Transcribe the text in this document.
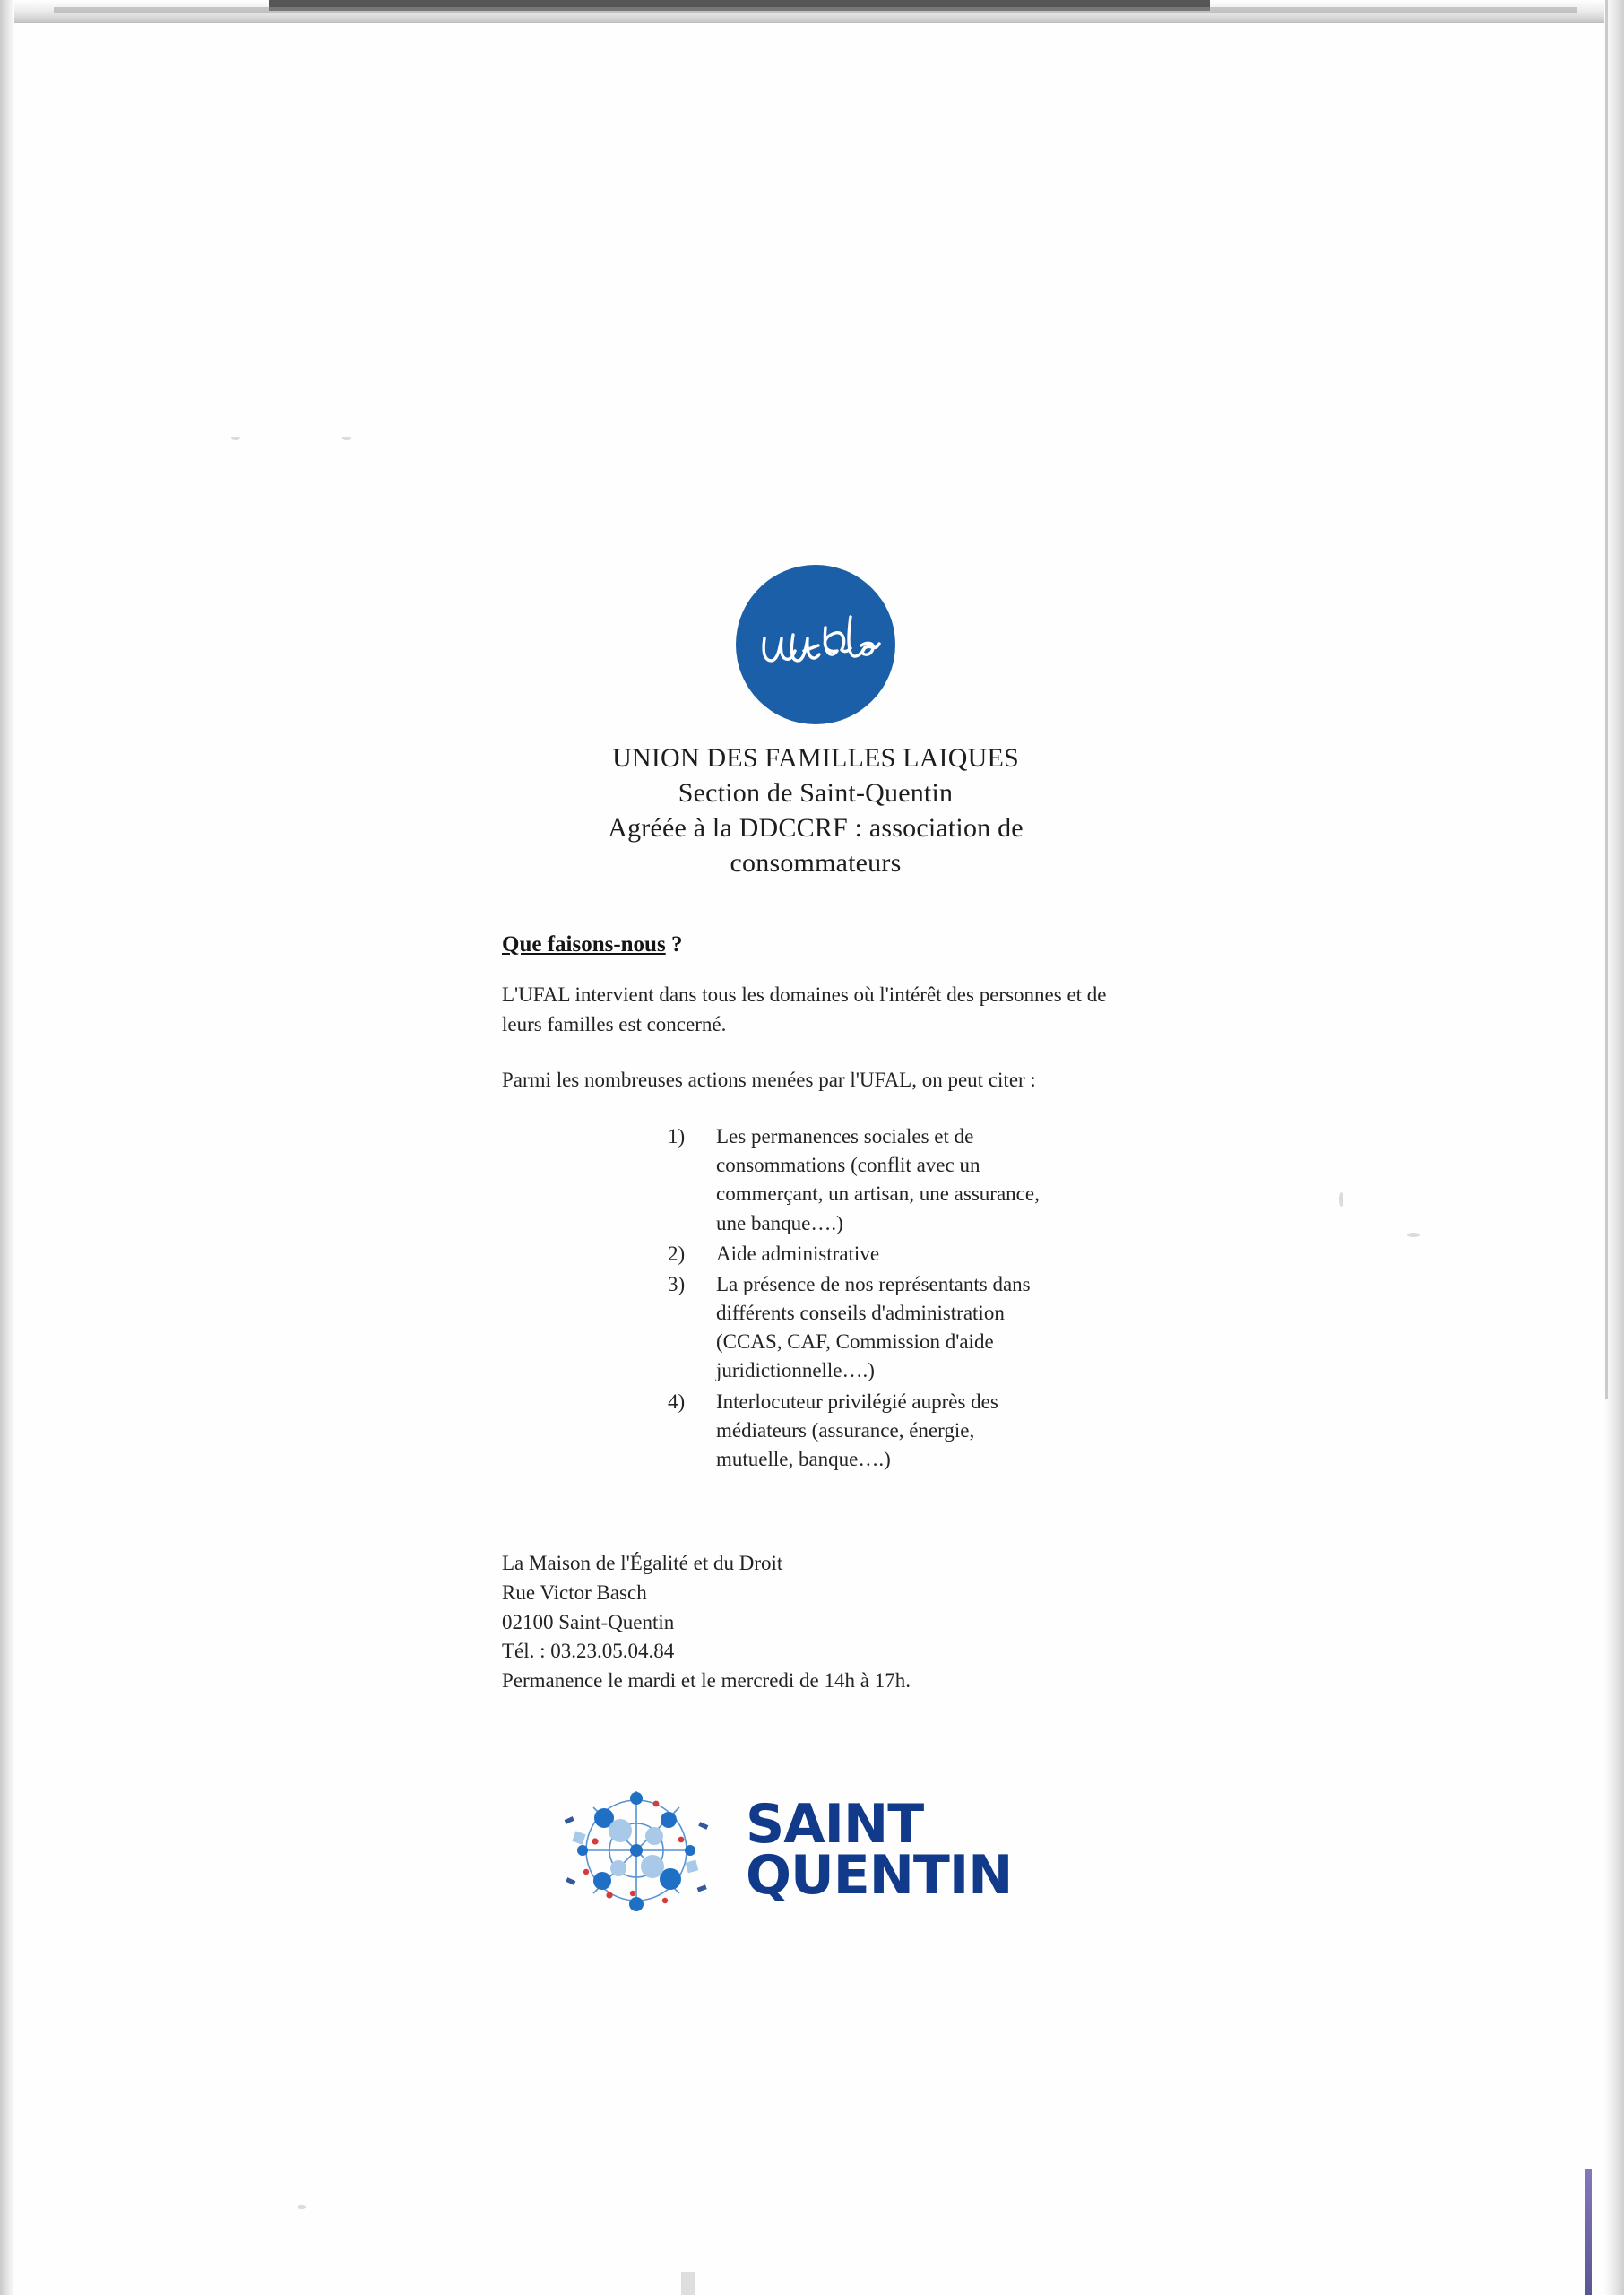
UNION DES FAMILLES LAIQUES
Section de Saint-Quentin
Agréée à la DDCCRF : association de
consommateurs
Que faisons-nous ?

L'UFAL intervient dans tous les domaines où l'intérêt des personnes et de leurs familles est concerné.

Parmi les nombreuses actions menées par l'UFAL, on peut citer :

1)	Les permanences sociales et de consommations (conflit avec un commerçant, un artisan, une assurance, une banque….)
2)	Aide administrative
3)	La présence de nos représentants dans différents conseils d'administration (CCAS, CAF, Commission d'aide juridictionnelle….)
4)	Interlocuteur privilégié auprès des médiateurs (assurance, énergie, mutuelle, banque….)
La Maison de l'Égalité et du Droit
Rue Victor Basch
02100 Saint-Quentin
Tél. : 03.23.05.04.84
Permanence le mardi et le mercredi de 14h à 17h.
SAINT
QUENTIN
